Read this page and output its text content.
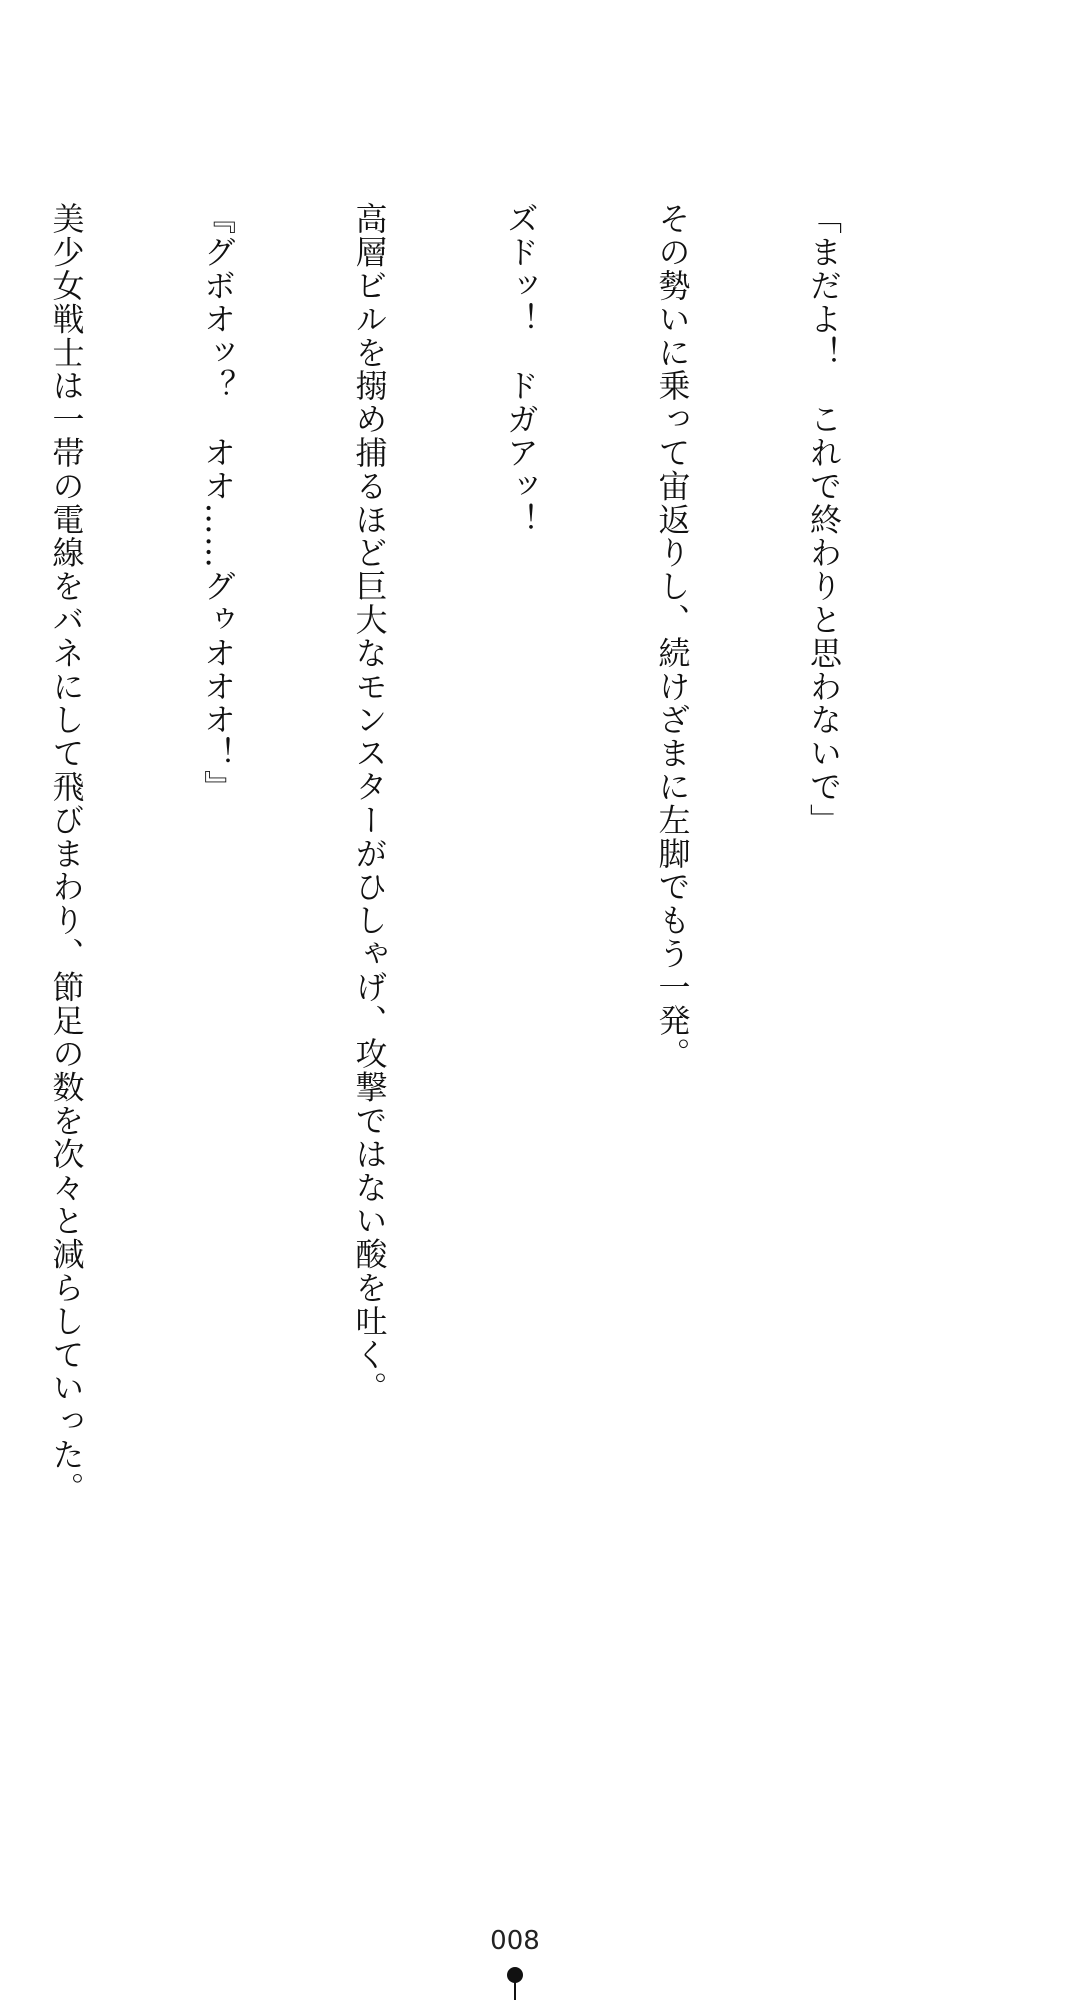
「まだよ！　これで終わりと思わないで」

その勢いに乗って宙返りし、続けざまに左脚でもう一発。

ズドッ！　ドガアッ！

高層ビルを搦め捕るほど巨大なモンスターがひしゃげ、攻撃ではない酸を吐く。

『グボオッ？　オオ……グゥオオオ！』

美少女戦士は一帯の電線をバネにして飛びまわり、節足の数を次々と減らしていった。

008
